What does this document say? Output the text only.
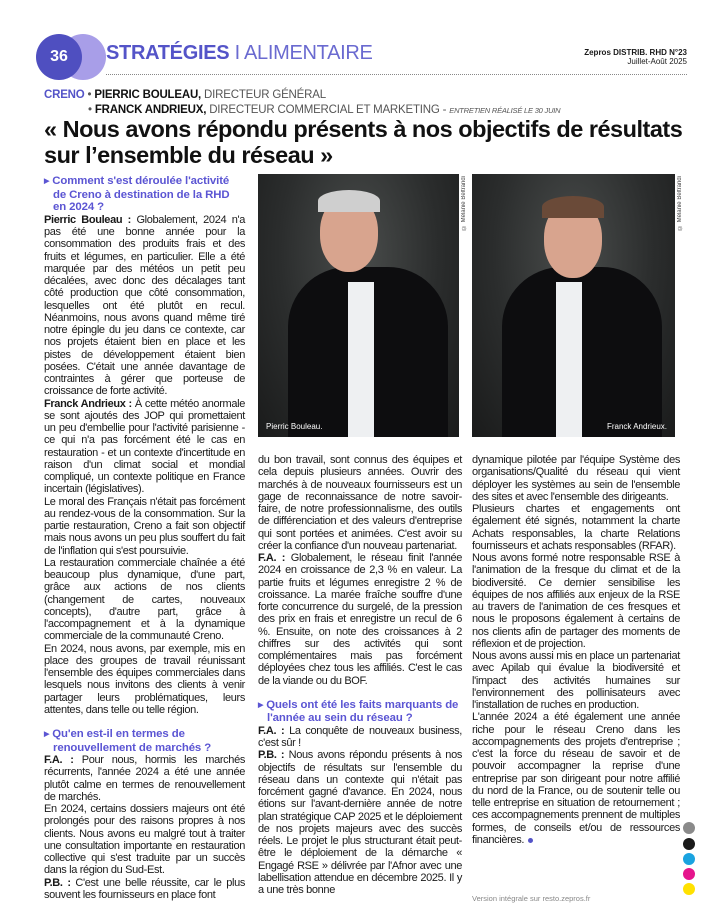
36	STRATÉGIES I ALIMENTAIRE	Zepros DISTRIB. RHD N°23
Juillet-Août 2025
CRENO • PIERRIC BOULEAU, DIRECTEUR GÉNÉRAL
• FRANCK ANDRIEUX, DIRECTEUR COMMERCIAL ET MARKETING - ENTRETIEN RÉALISÉ LE 30 JUIN
« Nous avons répondu présents à nos objectifs de résultats sur l’ensemble du réseau »
▶ Comment s'est déroulée l'activité de Creno à destination de la RHD en 2024 ?

Pierric Bouleau : Globalement, 2024 n'a pas été une bonne année pour la consommation des produits frais et des fruits et légumes, en particulier. Elle a été marquée par des météos un petit peu décalées, avec donc des décalages tant côté production que côté consommation, lesquelles ont été plutôt en recul. Néanmoins, nous avons quand même tiré notre épingle du jeu dans ce contexte, car nos projets étaient bien en place et les pistes de développement étaient bien posées. C'était une année davantage de contraintes à gérer que porteuse de croissance de forte activité.

Franck Andrieux : À cette météo anormale se sont ajoutés des JOP qui promettaient un peu d'embellie pour l'activité parisienne - ce qui n'a pas forcément été le cas en restauration - et un contexte d'incertitude en raison d'un climat social et mondial compliqué, un contexte politique en France incertain (législatives).

Le moral des Français n'était pas forcément au rendez-vous de la consommation. Sur la partie restauration, Creno a fait son objectif mais nous avons un peu plus souffert du fait de l'inflation qui s'est poursuivie.

La restauration commerciale chaînée a été beaucoup plus dynamique, d'une part, grâce aux actions de nos clients (changement de cartes, nouveaux concepts), d'autre part, grâce à l'accompagnement et à la dynamique commerciale de la communauté Creno.

En 2024, nous avons, par exemple, mis en place des groupes de travail réunissant l'ensemble des équipes commerciales dans lesquels nous invitons des clients à venir partager leurs problématiques, leurs attentes, dans telle ou telle région.

▶ Qu'en est-il en termes de renouvellement de marchés ?

F.A. : Pour nous, hormis les marchés récurrents, l'année 2024 a été une année plutôt calme en termes de renouvellement de marchés.

En 2024, certains dossiers majeurs ont été prolongés pour des raisons propres à nos clients. Nous avons eu malgré tout à traiter une consultation importante en restauration collective qui s'est traduite par un succès dans la région du Sud-Est.

P.B. : C'est une belle réussite, car le plus souvent les fournisseurs en place font

du bon travail, sont connus des équipes et cela depuis plusieurs années. Ouvrir des marchés à de nouveaux fournisseurs est un gage de reconnaissance de notre savoir-faire, de notre professionnalisme, des outils de différenciation et des valeurs d'entreprise qui sont portées et animées. C'est avoir su créer la confiance d'un nouveau partenariat.

F.A. : Globalement, le réseau finit l'année 2024 en croissance de 2,3 % en valeur. La partie fruits et légumes enregistre 2 % de croissance. La marée fraîche souffre d'une forte concurrence du surgelé, de la pression des prix en frais et enregistre un recul de 6 %. Ensuite, on note des croissances à 2 chiffres sur des activités qui sont complémentaires mais pas forcément déployées chez tous les affiliés. C'est le cas de la viande ou du BOF.

▶ Quels ont été les faits marquants de l'année au sein du réseau ?

F.A. : La conquête de nouveaux business, c'est sûr !

P.B. : Nous avons répondu présents à nos objectifs de résultats sur l'ensemble du réseau dans un contexte qui n'était pas forcément gagné d'avance. En 2024, nous étions sur l'avant-dernière année de notre plan stratégique CAP 2025 et le déploiement de nos projets majeurs avec des succès réels. Le projet le plus structurant était peut-être le déploiement de la démarche « Engagé RSE » délivrée par l'Afnor avec une labellisation attendue en décembre 2025. Il y a une très bonne

dynamique pilotée par l'équipe Système des organisations/Qualité du réseau qui vient déployer les systèmes au sein de l'ensemble des sites et avec l'ensemble des dirigeants.

Plusieurs chartes et engagements ont également été signés, notamment la charte Achats responsables, la charte Relations fournisseurs et achats responsables (RFAR).

Nous avons formé notre responsable RSE à l'animation de la fresque du climat et de la biodiversité. Ce dernier sensibilise les équipes de nos affiliés aux enjeux de la RSE au travers de l'animation de ces fresques et nous le proposons également à certains de nos clients afin de partager des moments de réflexion et de projection.

Nous avons aussi mis en place un partenariat avec Apilab qui évalue la biodiversité et l'impact des activités humaines sur l'environnement des pollinisateurs avec l'installation de ruches en production.

L'année 2024 a été également une année riche pour le réseau Creno dans les accompagnements des projets d'entreprise ; c'est la force du réseau de savoir et de pouvoir accompagner la reprise d'une entreprise par son dirigeant pour notre affilié du nord de la France, ou de soutenir telle ou telle entreprise en situation de retournement ; ces accompagnements prennent de multiples formes, de conseils et/ou de ressources financières.

Pierric Bouleau.
© Mélanie Beltrandi
Franck Andrieux.
© Mélanie Beltrandi
Version intégrale sur resto.zepros.fr
